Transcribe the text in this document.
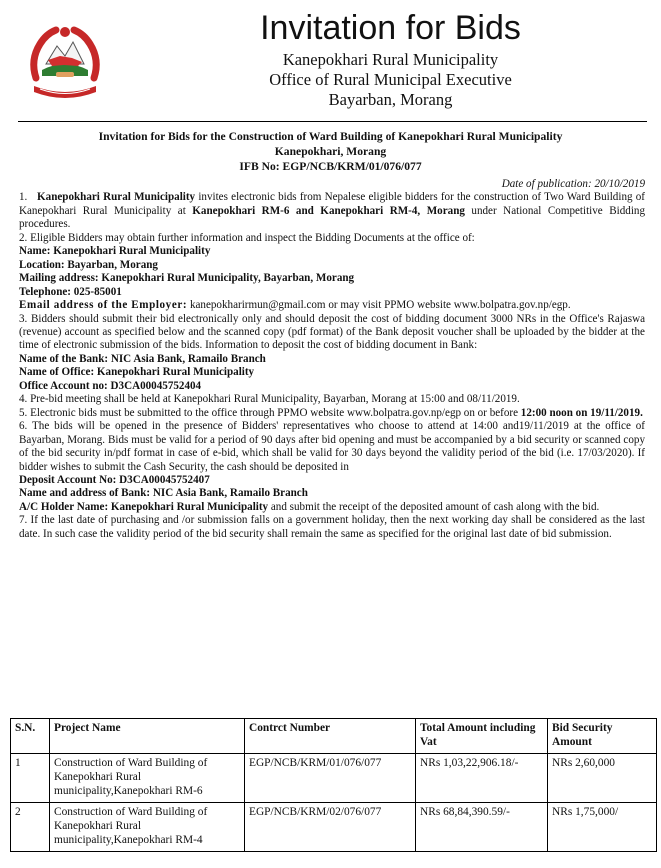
Invitation for Bids
Kanepokhari Rural Municipality
Office of Rural Municipal Executive
Bayarban, Morang
Invitation for Bids for the Construction of Ward Building of Kanepokhari Rural Municipality
Kanepokhari, Morang
IFB No: EGP/NCB/KRM/01/076/077

Date of publication: 20/10/2019

1. Kanepokhari Rural Municipality invites electronic bids from Nepalese eligible bidders for the construction of Two Ward Building of Kanepokhari Rural Municipality at Kanepokhari RM-6 and Kanepokhari RM-4, Morang under National Competitive Bidding procedures.

2. Eligible Bidders may obtain further information and inspect the Bidding Documents at the office of:

Name: Kanepokhari Rural Municipality

Location: Bayarban, Morang

Mailing address: Kanepokhari Rural Municipality, Bayarban, Morang

Telephone: 025-85001

Email address of the Employer: kanepokharirmun@gmail.com or may visit PPMO website www.bolpatra.gov.np/egp.

3. Bidders should submit their bid electronically only and should deposit the cost of bidding document 3000 NRs in the Office's Rajaswa (revenue) account as specified below and the scanned copy (pdf format) of the Bank deposit voucher shall be uploaded by the bidder at the time of electronic submission of the bids. Information to deposit the cost of bidding document in Bank:

Name of the Bank: NIC Asia Bank, Ramailo Branch

Name of Office: Kanepokhari Rural Municipality

Office Account no: D3CA00045752404

4. Pre-bid meeting shall be held at Kanepokhari Rural Municipality, Bayarban, Morang at 15:00 and 08/11/2019.

5. Electronic bids must be submitted to the office through PPMO website www.bolpatra.gov.np/egp on or before 12:00 noon on 19/11/2019.

6. The bids will be opened in the presence of Bidders' representatives who choose to attend at 14:00 and19/11/2019 at the office of Bayarban, Morang. Bids must be valid for a period of 90 days after bid opening and must be accompanied by a bid security or scanned copy of the bid security in/pdf format in case of e-bid, which shall be valid for 30 days beyond the validity period of the bid (i.e. 17/03/2020). If bidder wishes to submit the Cash Security, the cash should be deposited in

Deposit Account No: D3CA00045752407

Name and address of Bank: NIC Asia Bank, Ramailo Branch

A/C Holder Name: Kanepokhari Rural Municipality and submit the receipt of the deposited amount of cash along with the bid.

7. If the last date of purchasing and /or submission falls on a government holiday, then the next working day shall be considered as the last date. In such case the validity period of the bid security shall remain the same as specified for the original last date of bid submission.

S.N.	Project Name	Contrct Number	Total Amount including Vat	Bid Security Amount
1	Construction of Ward Building of Kanepokhari Rural municipality,Kanepokhari RM-6	EGP/NCB/KRM/01/076/077	NRs 1,03,22,906.18/-	NRs 2,60,000
2	Construction of Ward Building of Kanepokhari Rural municipality,Kanepokhari RM-4	EGP/NCB/KRM/02/076/077	NRs 68,84,390.59/-	NRs 1,75,000/
